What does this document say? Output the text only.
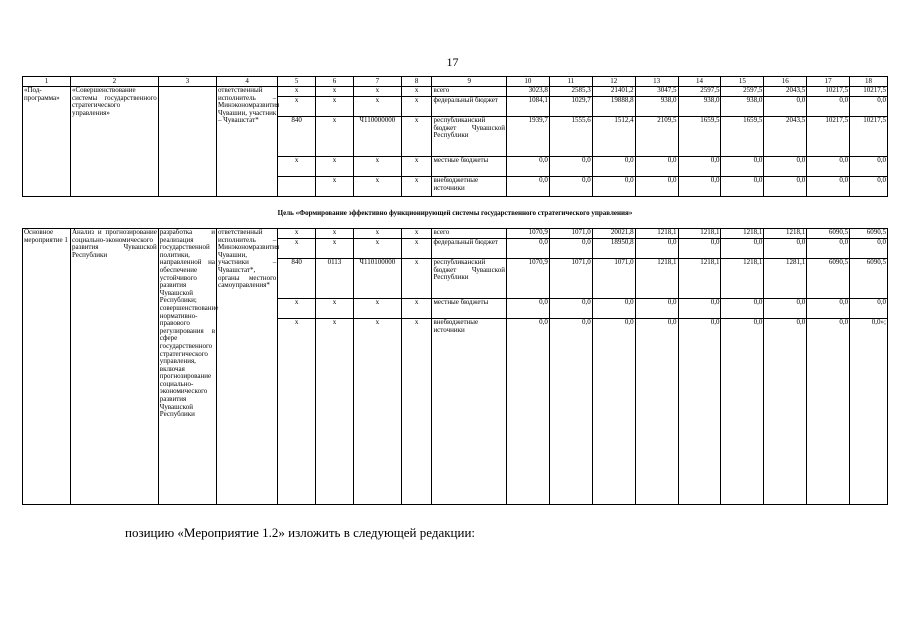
17
1	2	3	4	5	6	7	8	9	10	11	12	13	14	15	16	17	18
«Под-программа»	«Совершенствование системы государственного стратегического управления»		ответственный исполнитель – Минэкономразвития Чувашии, участник – Чувашстат*	x	x	x	x	всего	3023,8	2585,3	21401,2	3047,5	2597,5	2597,5	2043,5	10217,5	10217,5
				x	x	x	x	федеральный бюджет	1084,1	1029,7	19888,8	938,0	938,0	938,0	0,0	0,0	0,0
				840	x	Ч110000000	x	республиканский бюджет Чувашской Республики	1939,7	1555,6	1512,4	2109,5	1659,5	1659,5	2043,5	10217,5	10217,5
				x	x	x	x	местные бюджеты	0,0	0,0	0,0	0,0	0,0	0,0	0,0	0,0	0,0
					x	x	x	внебюджетные источники	0,0	0,0	0,0	0,0	0,0	0,0	0,0	0,0	0,0
Цель «Формирование эффективно функционирующей системы государственного стратегического управления»
Основное мероприятие 1	Анализ и прогнозирование социально-экономического развития Чувашской Республики	разработка и реализация государственной политики, направленной на обеспечение устойчивого развития Чувашской Республики; совершенствование нормативно-правового регулирования в сфере государственного стратегического управления, включая прогнозирование социально-экономического развития Чувашской Республики	ответственный исполнитель – Минэкономразвития Чувашии, участники – Чувашстат*, органы местного самоуправления*	x	x	x	x	всего	1070,9	1071,0	20021,8	1218,1	1218,1	1218,1	1218,1	6090,5	6090,5
				x	x	x	x	федеральный бюджет	0,0	0,0	18950,8	0,0	0,0	0,0	0,0	0,0	0,0
				840	0113	Ч110100000	x	республиканский бюджет Чувашской Республики	1070,9	1071,0	1071,0	1218,1	1218,1	1218,1	1281,1	6090,5	6090,5
				x	x	x	x	местные бюджеты	0,0	0,0	0,0	0,0	0,0	0,0	0,0	0,0	0,0
				x	x	x	x	внебюджетные источники	0,0	0,0	0,0	0,0	0,0	0,0	0,0	0,0	0,0»;
позицию «Мероприятие 1.2» изложить в следующей редакции:
